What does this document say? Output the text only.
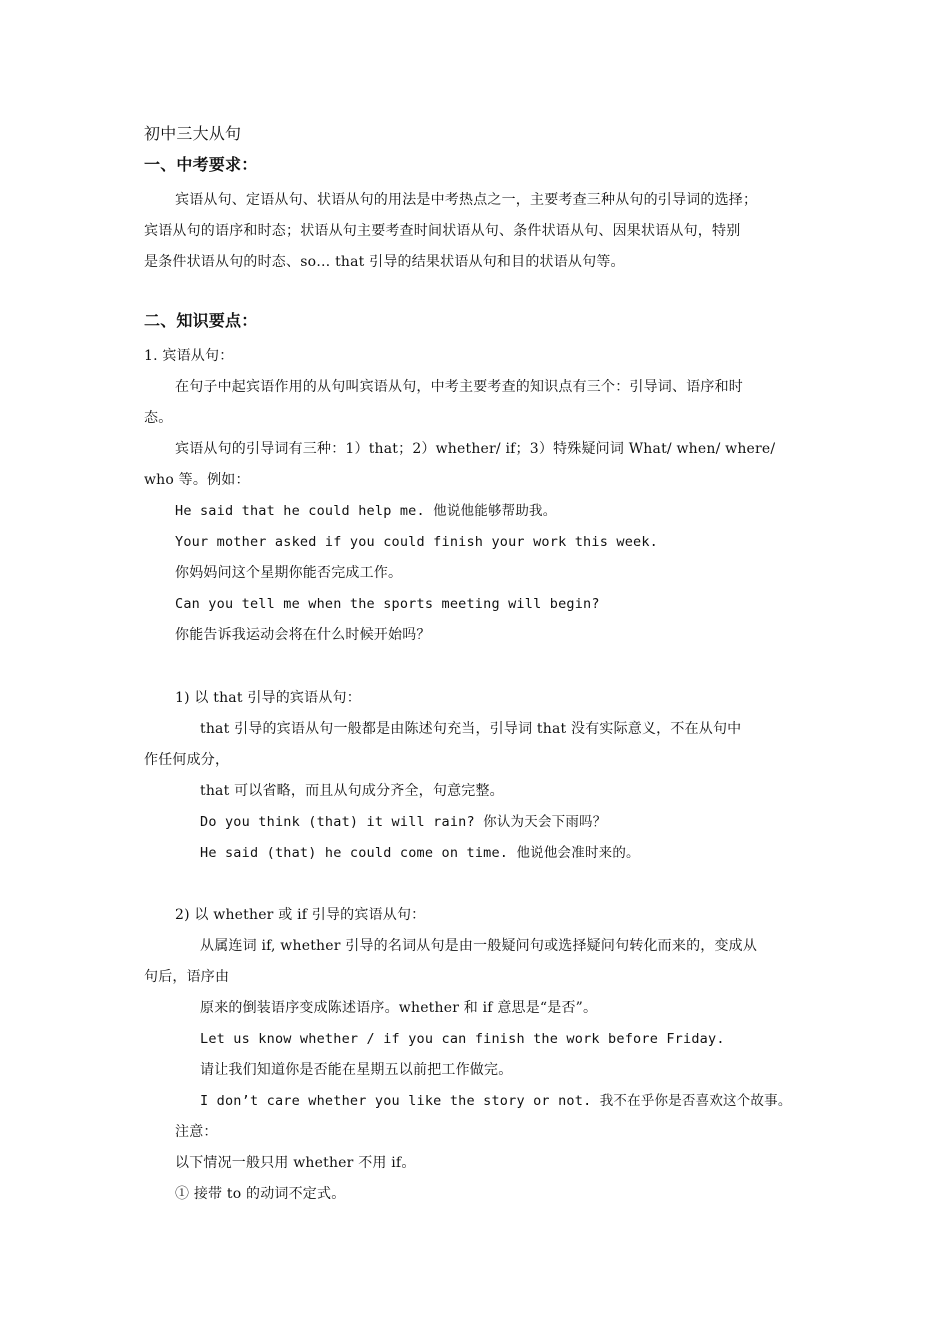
初中三大从句
一、中考要求：
宾语从句、定语从句、状语从句的用法是中考热点之一，主要考查三种从句的引导词的选择；
宾语从句的语序和时态；状语从句主要考查时间状语从句、条件状语从句、因果状语从句，特别
是条件状语从句的时态、so… that 引导的结果状语从句和目的状语从句等。
二、知识要点：
1. 宾语从句：
在句子中起宾语作用的从句叫宾语从句，中考主要考查的知识点有三个：引导词、语序和时
态。
宾语从句的引导词有三种：1）that；2）whether/ if；3）特殊疑问词 What/ when/ where/
who 等。例如：
He said that he could help me. 他说他能够帮助我。
Your mother asked if you could finish your work this week.
你妈妈问这个星期你能否完成工作。
Can you tell me when the sports meeting will begin?
你能告诉我运动会将在什么时候开始吗？
1) 以 that 引导的宾语从句：
that 引导的宾语从句一般都是由陈述句充当，引导词 that 没有实际意义，不在从句中
作任何成分，
that 可以省略，而且从句成分齐全，句意完整。
Do you think (that) it will rain? 你认为天会下雨吗？
He said (that) he could come on time. 他说他会准时来的。
2) 以 whether 或 if 引导的宾语从句：
从属连词 if, whether 引导的名词从句是由一般疑问句或选择疑问句转化而来的，变成从
句后，语序由
原来的倒装语序变成陈述语序。whether 和 if 意思是“是否”。
Let us know whether / if you can finish the work before Friday.
请让我们知道你是否能在星期五以前把工作做完。
I don’t care whether you like the story or not. 我不在乎你是否喜欢这个故事。
注意：
以下情况一般只用 whether 不用 if。
① 接带 to 的动词不定式。
